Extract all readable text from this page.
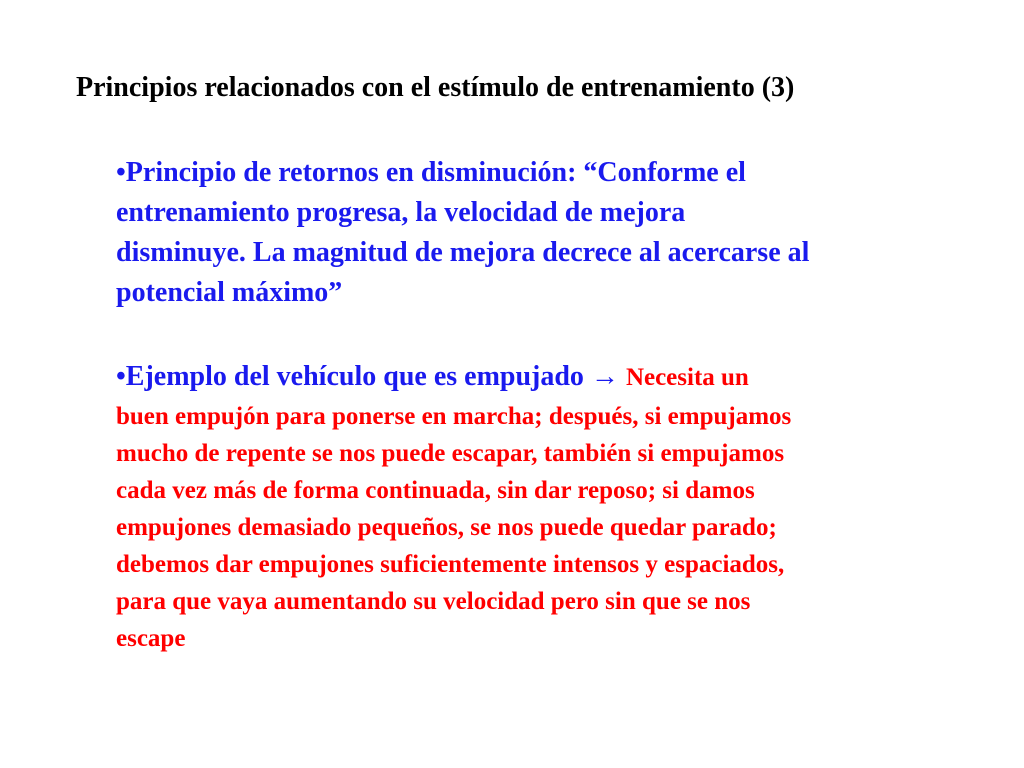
Principios relacionados con el estímulo de entrenamiento (3)
•Principio de retornos en disminución: “Conforme el
entrenamiento progresa, la velocidad de mejora
disminuye. La magnitud de mejora decrece al acercarse al
potencial máximo”
•Ejemplo del vehículo que es empujado → Necesita un
buen empujón para ponerse en marcha; después, si empujamos
mucho de repente se nos puede escapar, también si empujamos
cada vez más de forma continuada, sin dar reposo; si damos
empujones demasiado pequeños, se nos puede quedar parado;
debemos dar empujones suficientemente intensos y espaciados,
para que vaya aumentando su velocidad pero sin que se nos
escape
